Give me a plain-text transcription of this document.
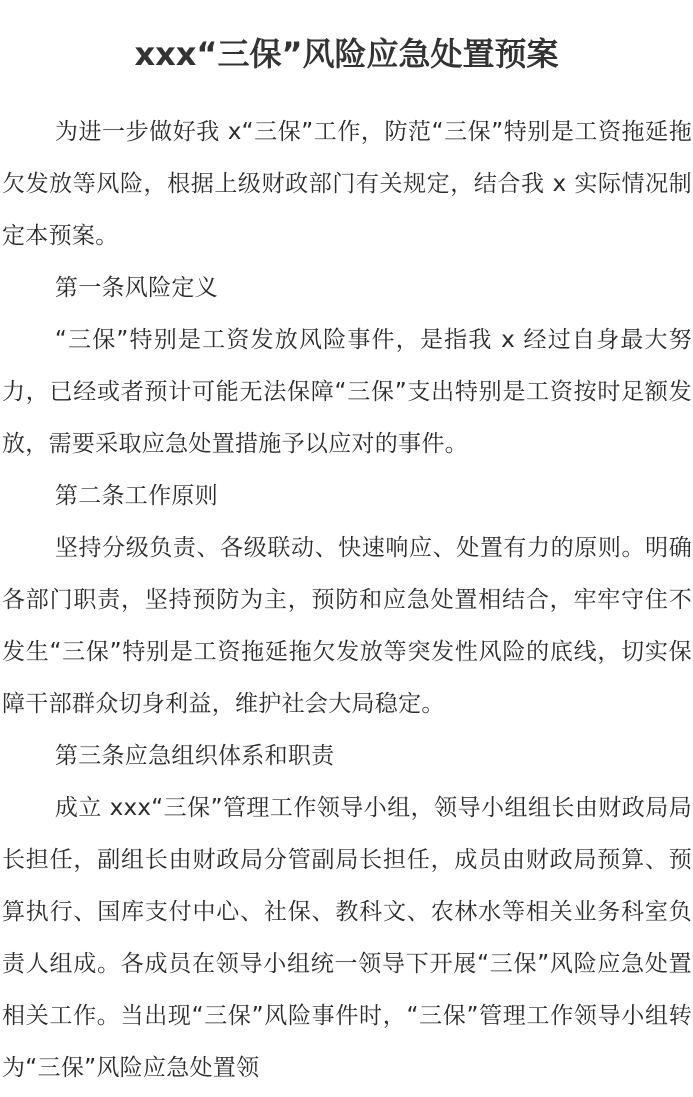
xxx“三保”风险应急处置预案

为进一步做好我 x“三保”工作，防范“三保”特别是工资拖延拖欠发放等风险，根据上级财政部门有关规定，结合我 x 实际情况制定本预案。

第一条风险定义

“三保”特别是工资发放风险事件，是指我 x 经过自身最大努力，已经或者预计可能无法保障“三保”支出特别是工资按时足额发放，需要采取应急处置措施予以应对的事件。

第二条工作原则

坚持分级负责、各级联动、快速响应、处置有力的原则。明确各部门职责，坚持预防为主，预防和应急处置相结合，牢牢守住不发生“三保”特别是工资拖延拖欠发放等突发性风险的底线，切实保障干部群众切身利益，维护社会大局稳定。

第三条应急组织体系和职责

成立 xxx“三保”管理工作领导小组，领导小组组长由财政局局长担任，副组长由财政局分管副局长担任，成员由财政局预算、预算执行、国库支付中心、社保、教科文、农林水等相关业务科室负责人组成。各成员在领导小组统一领导下开展“三保”风险应急处置相关工作。当出现“三保”风险事件时，“三保”管理工作领导小组转为“三保”风险应急处置领
